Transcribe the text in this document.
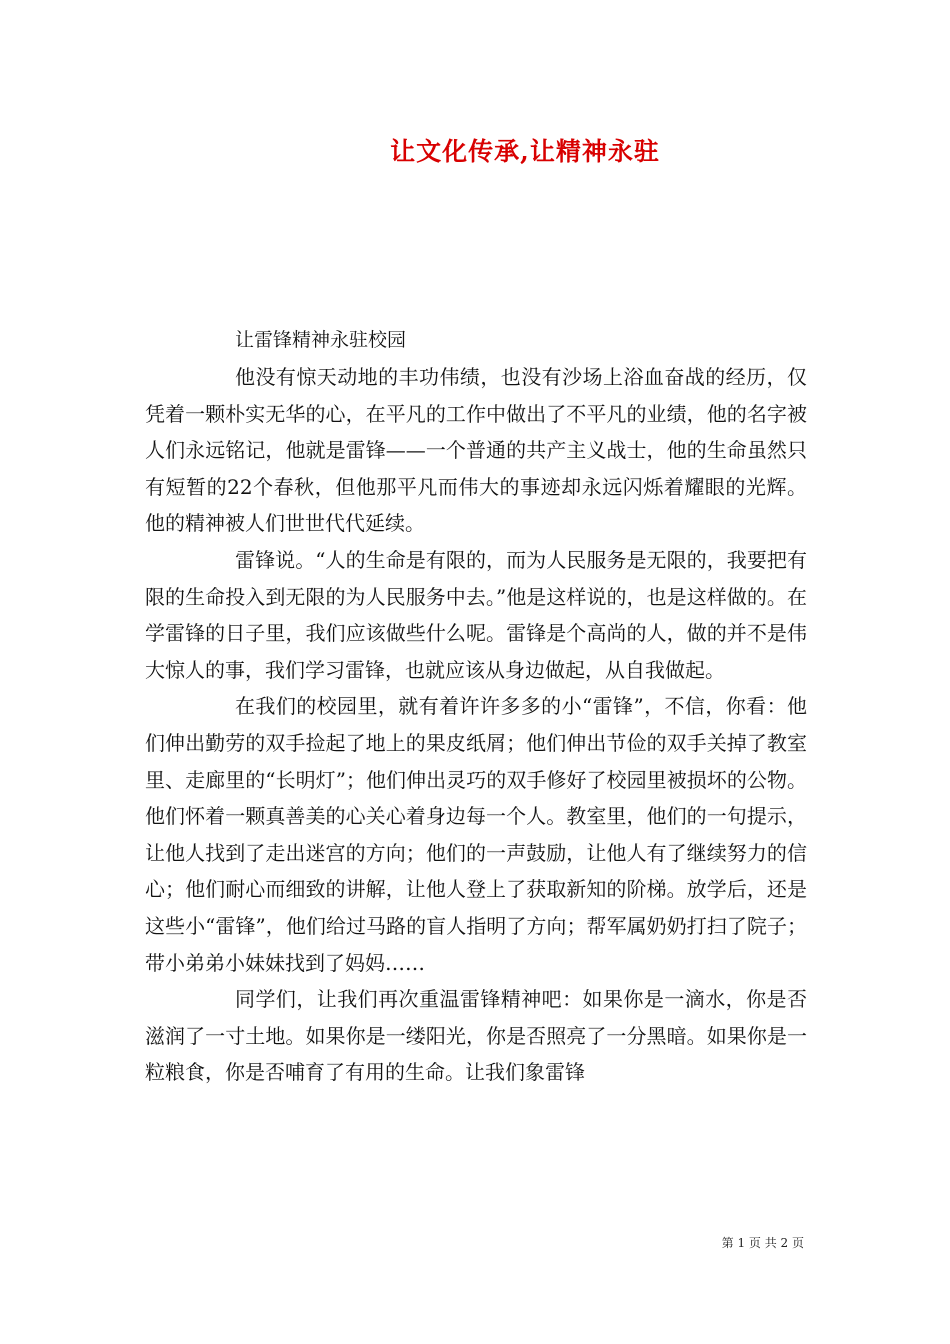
让文化传承,让精神永驻
让雷锋精神永驻校园

他没有惊天动地的丰功伟绩，也没有沙场上浴血奋战的经历，仅凭着一颗朴实无华的心，在平凡的工作中做出了不平凡的业绩，他的名字被人们永远铭记，他就是雷锋——一个普通的共产主义战士，他的生命虽然只有短暂的22个春秋，但他那平凡而伟大的事迹却永远闪烁着耀眼的光辉。他的精神被人们世世代代延续。

雷锋说。“人的生命是有限的，而为人民服务是无限的，我要把有限的生命投入到无限的为人民服务中去。”他是这样说的，也是这样做的。在学雷锋的日子里，我们应该做些什么呢。雷锋是个高尚的人，做的并不是伟大惊人的事，我们学习雷锋，也就应该从身边做起，从自我做起。

在我们的校园里，就有着许许多多的小“雷锋”，不信，你看：他们伸出勤劳的双手捡起了地上的果皮纸屑；他们伸出节俭的双手关掉了教室里、走廊里的“长明灯”；他们伸出灵巧的双手修好了校园里被损坏的公物。他们怀着一颗真善美的心关心着身边每一个人。教室里，他们的一句提示，让他人找到了走出迷宫的方向；他们的一声鼓励，让他人有了继续努力的信心；他们耐心而细致的讲解，让他人登上了获取新知的阶梯。放学后，还是这些小“雷锋”，他们给过马路的盲人指明了方向；帮军属奶奶打扫了院子；带小弟弟小妹妹找到了妈妈……

同学们，让我们再次重温雷锋精神吧：如果你是一滴水，你是否滋润了一寸土地。如果你是一缕阳光，你是否照亮了一分黑暗。如果你是一粒粮食，你是否哺育了有用的生命。让我们象雷锋

第 1 页 共 2 页
